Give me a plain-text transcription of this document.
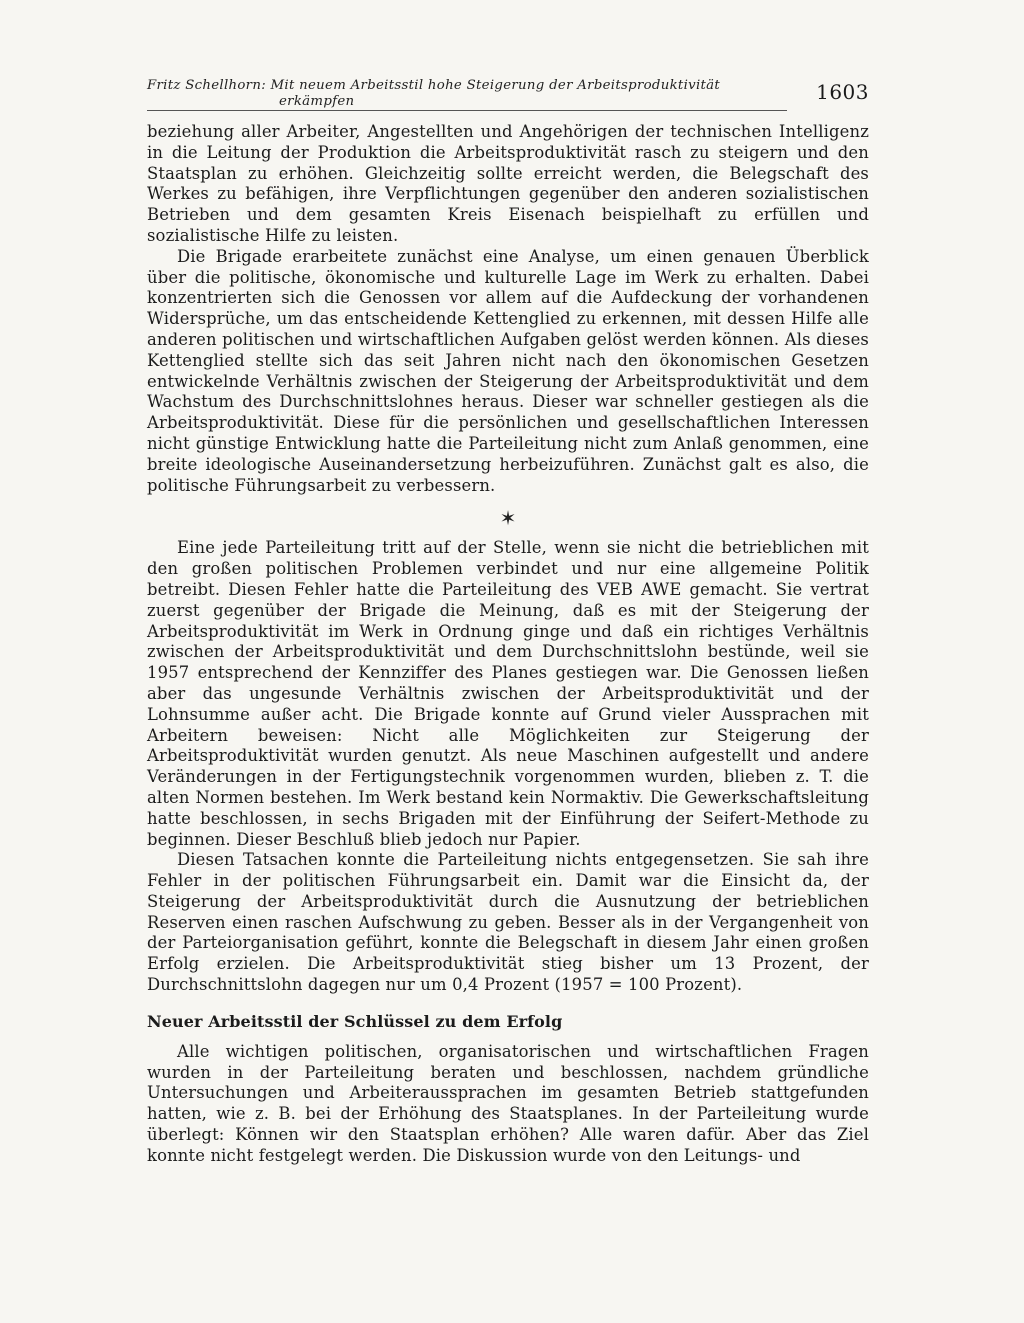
Fritz Schellhorn: Mit neuem Arbeitsstil hohe Steigerung der Arbeitsproduktivität
erkämpfen	1603

beziehung aller Arbeiter, Angestellten und Angehörigen der technischen Intelligenz in die Leitung der Produktion die Arbeitsproduktivität rasch zu steigern und den Staatsplan zu erhöhen. Gleichzeitig sollte erreicht werden, die Belegschaft des Werkes zu befähigen, ihre Verpflichtungen gegenüber den anderen sozialistischen Betrieben und dem gesamten Kreis Eisenach beispielhaft zu erfüllen und sozialistische Hilfe zu leisten.

Die Brigade erarbeitete zunächst eine Analyse, um einen genauen Überblick über die politische, ökonomische und kulturelle Lage im Werk zu erhalten. Dabei konzentrierten sich die Genossen vor allem auf die Aufdeckung der vorhandenen Widersprüche, um das entscheidende Kettenglied zu erkennen, mit dessen Hilfe alle anderen politischen und wirtschaftlichen Aufgaben gelöst werden können. Als dieses Kettenglied stellte sich das seit Jahren nicht nach den ökonomischen Gesetzen entwickelnde Verhältnis zwischen der Steigerung der Arbeitsproduktivität und dem Wachstum des Durchschnittslohnes heraus. Dieser war schneller gestiegen als die Arbeitsproduktivität. Diese für die persönlichen und gesellschaftlichen Interessen nicht günstige Entwicklung hatte die Parteileitung nicht zum Anlaß genommen, eine breite ideologische Auseinandersetzung herbeizuführen. Zunächst galt es also, die politische Führungsarbeit zu verbessern.

✶

Eine jede Parteileitung tritt auf der Stelle, wenn sie nicht die betrieblichen mit den großen politischen Problemen verbindet und nur eine allgemeine Politik betreibt. Diesen Fehler hatte die Parteileitung des VEB AWE gemacht. Sie vertrat zuerst gegenüber der Brigade die Meinung, daß es mit der Steigerung der Arbeitsproduktivität im Werk in Ordnung ginge und daß ein richtiges Verhältnis zwischen der Arbeitsproduktivität und dem Durchschnittslohn bestünde, weil sie 1957 entsprechend der Kennziffer des Planes gestiegen war. Die Genossen ließen aber das ungesunde Verhältnis zwischen der Arbeitsproduktivität und der Lohnsumme außer acht. Die Brigade konnte auf Grund vieler Aussprachen mit Arbeitern beweisen: Nicht alle Möglichkeiten zur Steigerung der Arbeitsproduktivität wurden genutzt. Als neue Maschinen aufgestellt und andere Veränderungen in der Fertigungstechnik vorgenommen wurden, blieben z. T. die alten Normen bestehen. Im Werk bestand kein Normaktiv. Die Gewerkschaftsleitung hatte beschlossen, in sechs Brigaden mit der Einführung der Seifert-Methode zu beginnen. Dieser Beschluß blieb jedoch nur Papier.

Diesen Tatsachen konnte die Parteileitung nichts entgegensetzen. Sie sah ihre Fehler in der politischen Führungsarbeit ein. Damit war die Einsicht da, der Steigerung der Arbeitsproduktivität durch die Ausnutzung der betrieblichen Reserven einen raschen Aufschwung zu geben. Besser als in der Vergangenheit von der Parteiorganisation geführt, konnte die Belegschaft in diesem Jahr einen großen Erfolg erzielen. Die Arbeitsproduktivität stieg bisher um 13 Prozent, der Durchschnittslohn dagegen nur um 0,4 Prozent (1957 = 100 Prozent).

Neuer Arbeitsstil der Schlüssel zu dem Erfolg

Alle wichtigen politischen, organisatorischen und wirtschaftlichen Fragen wurden in der Parteileitung beraten und beschlossen, nachdem gründliche Untersuchungen und Arbeiteraussprachen im gesamten Betrieb stattgefunden hatten, wie z. B. bei der Erhöhung des Staatsplanes. In der Parteileitung wurde überlegt: Können wir den Staatsplan erhöhen? Alle waren dafür. Aber das Ziel konnte nicht festgelegt werden. Die Diskussion wurde von den Leitungs- und
